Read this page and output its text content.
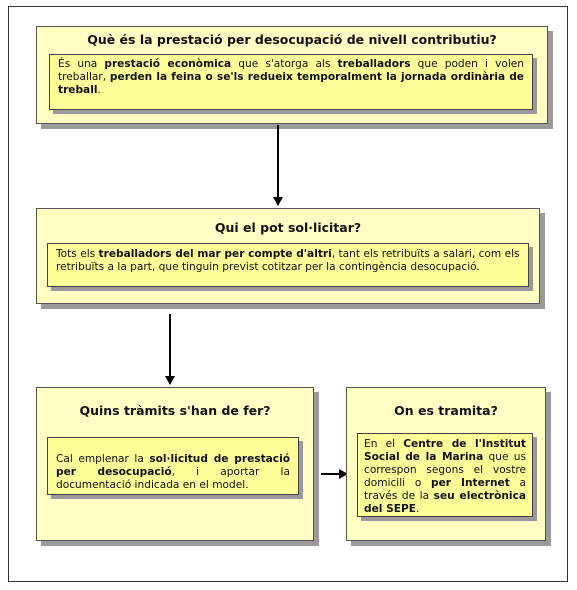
Què és la prestació per desocupació de nivell contributiu?
És una prestació econòmica que s'atorga als treballadors que poden i volen treballar, perden la feina o se'ls redueix temporalment la jornada ordinària de treball.
Qui el pot sol·licitar?
Tots els treballadors del mar per compte d'altri, tant els retribuïts a salari, com els retribuïts a la part, que tinguin previst cotitzar per la contingència desocupació.
Quins tràmits s'han de fer?
Cal emplenar la sol·licitud de prestació per desocupació, i aportar la documentació indicada en el model.
On es tramita?
En el Centre de l'Institut Social de la Marina que us correspon segons el vostre domicili o per Internet a través de la seu electrònica del SEPE.
